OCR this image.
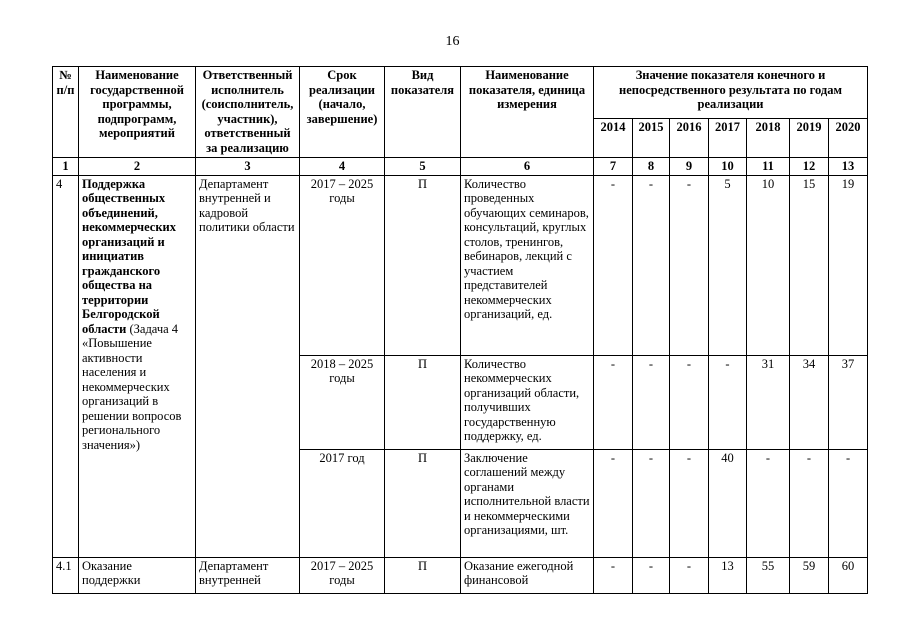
16
№ п/п	Наименование государственной программы, подпрограмм, мероприятий	Ответственный исполнитель (соисполнитель, участник), ответственный за реализацию	Срок реализации (начало, завершение)	Вид показателя	Наименование показателя, единица измерения	Значение показателя конечного и непосредственного результата по годам реализации						
						2014	2015	2016	2017	2018	2019	2020
1	2	3	4	5	6	7	8	9	10	11	12	13
4	Поддержка общественных объединений, некоммерческих организаций и инициатив гражданского общества на территории Белгородской области (Задача 4 «Повышение активности населения и некоммерческих организаций в решении вопросов регионального значения»)	Департамент внутренней и кадровой политики области	2017 – 2025 годы	П	Количество проведенных обучающих семинаров, консультаций, круглых столов, тренингов, вебинаров, лекций с участием представителей некоммерческих организаций, ед.	-	-	-	5	10	15	19
			2018 – 2025 годы	П	Количество некоммерческих организаций области, получивших государственную поддержку, ед.	-	-	-	-	31	34	37
			2017 год	П	Заключение соглашений между органами исполнительной власти и некоммерческими организациями, шт.	-	-	-	40	-	-	-
4.1	Оказание поддержки	Департамент внутренней	2017 – 2025 годы	П	Оказание ежегодной финансовой	-	-	-	13	55	59	60
